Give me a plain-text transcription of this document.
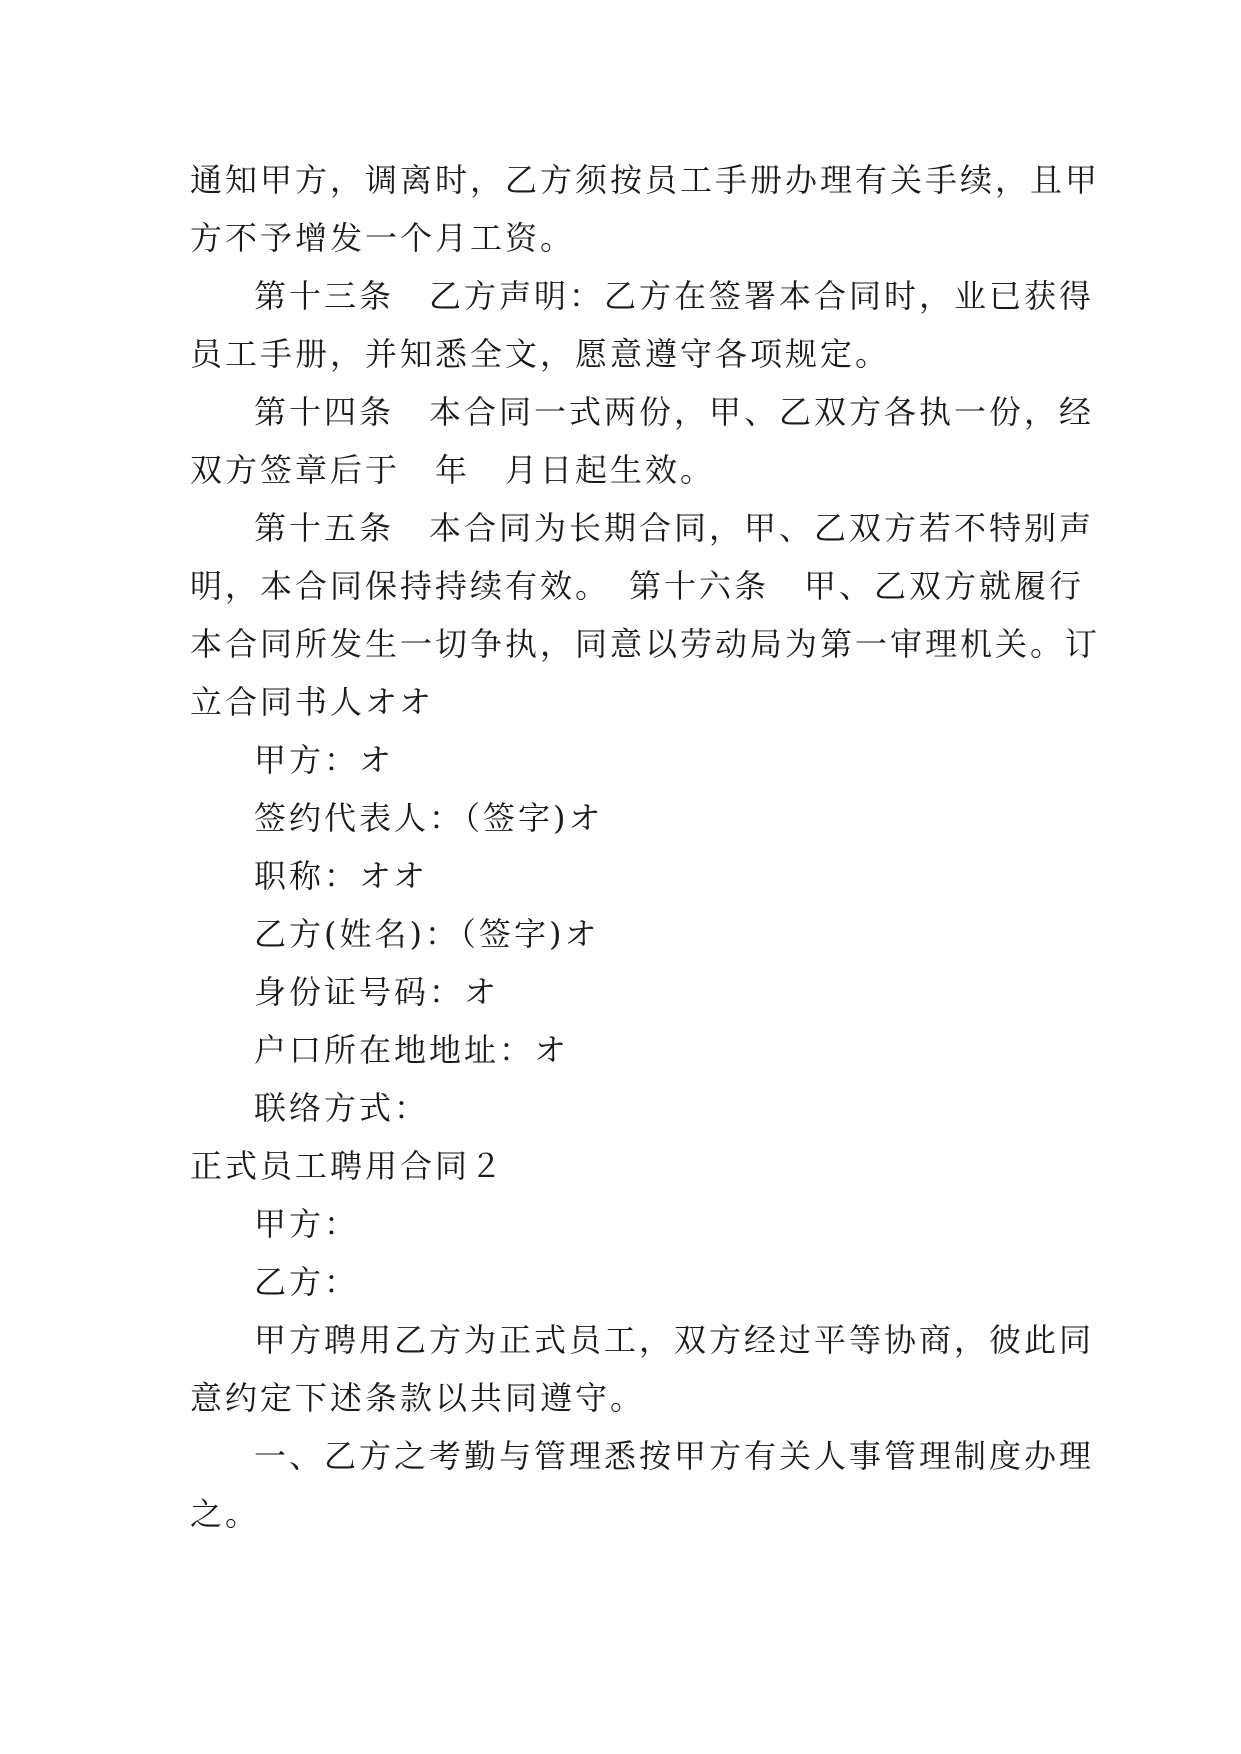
通知甲方，调离时，乙方须按员工手册办理有关手续，且甲
方不予增发一个月工资。
第十三条　乙方声明：乙方在签署本合同时，业已获得
员工手册，并知悉全文，愿意遵守各项规定。
第十四条　本合同一式两份，甲、乙双方各执一份，经
双方签章后于　年　月日起生效。
第十五条　本合同为长期合同，甲、乙双方若不特别声
明，本合同保持持续有效。　第十六条　甲、乙双方就履行
本合同所发生一切争执，同意以劳动局为第一审理机关。订
立合同书人オオ
甲方：オ
签约代表人：（签字)オ
职称：オオ
乙方(姓名)：（签字)オ
身份证号码：オ
户口所在地地址：オ
联络方式：
正式员工聘用合同２
甲方：
乙方：
甲方聘用乙方为正式员工，双方经过平等协商，彼此同
意约定下述条款以共同遵守。
一、乙方之考勤与管理悉按甲方有关人事管理制度办理
之。
